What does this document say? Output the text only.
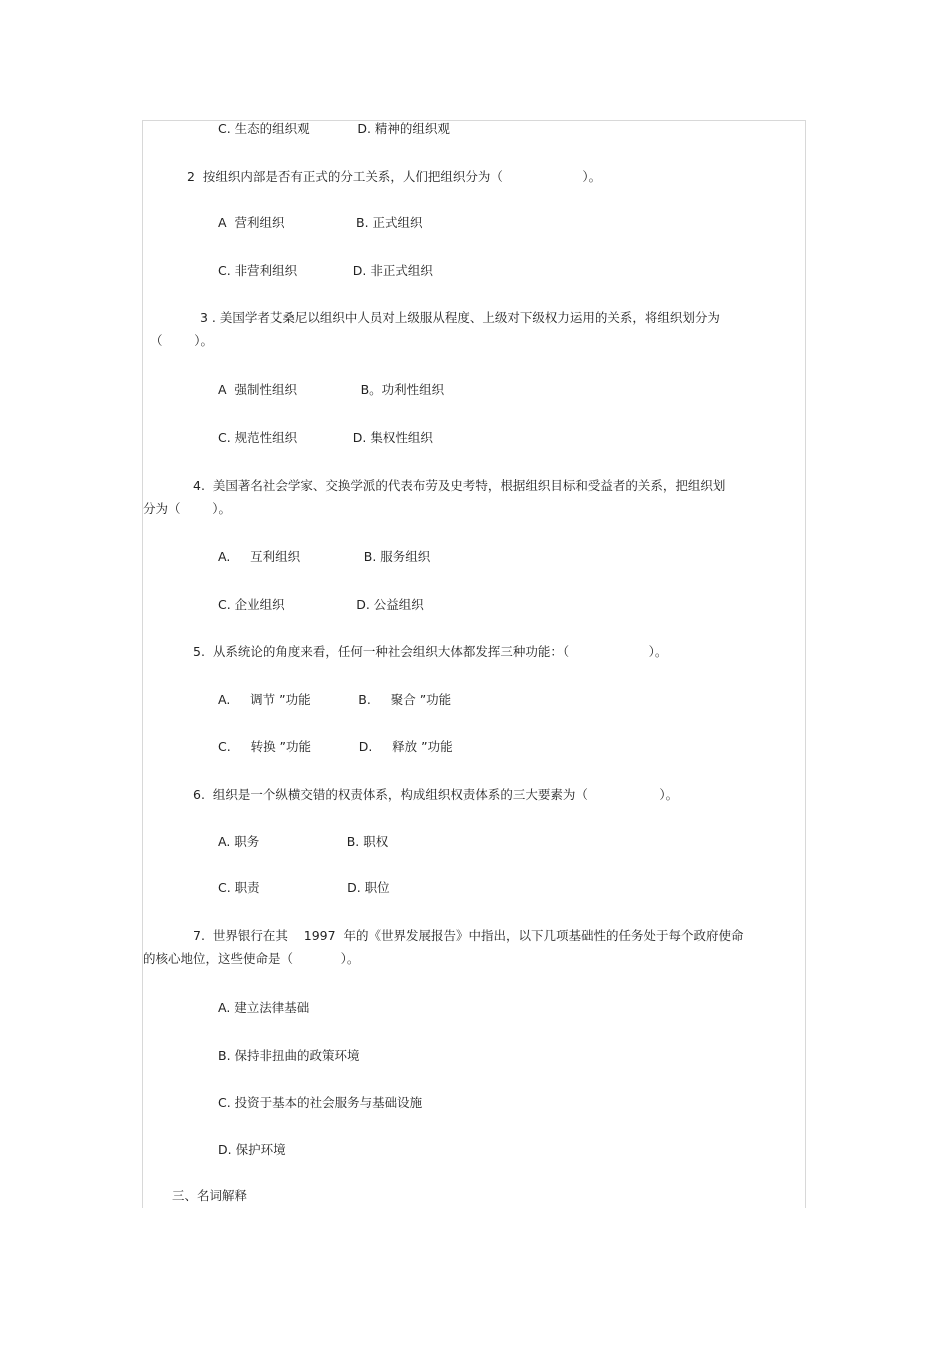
C. 生态的组织观            D. 精神的组织观
2  按组织内部是否有正式的分工关系，人们把组织分为（                    ）。
A  营利组织                  B. 正式组织
C. 非营利组织              D. 非正式组织
3 . 美国学者艾桑尼以组织中人员对上级服从程度、上级对下级权力运用的关系，将组织划分为
（        ）。
A  强制性组织                B。功利性组织
C. 规范性组织              D. 集权性组织
4.  美国著名社会学家、交换学派的代表布劳及史考特，根据组织目标和受益者的关系，把组织划
分为（        ）。
A.     互利组织                B. 服务组织
C. 企业组织                  D. 公益组织
5.  从系统论的角度来看，任何一种社会组织大体都发挥三种功能：（                    ）。
A.     调节 ”功能            B.     聚合 ”功能
C.     转换 ”功能            D.     释放 ”功能
6.  组织是一个纵横交错的权责体系，构成组织权责体系的三大要素为（                  ）。
A. 职务                      B. 职权
C. 职责                      D. 职位
7.  世界银行在其    1997  年的《世界发展报告》中指出，以下几项基础性的任务处于每个政府使命
的核心地位，这些使命是（            ）。
A. 建立法律基础
B. 保持非扭曲的政策环境
C. 投资于基本的社会服务与基础设施
D. 保护环境
三、名词解释
